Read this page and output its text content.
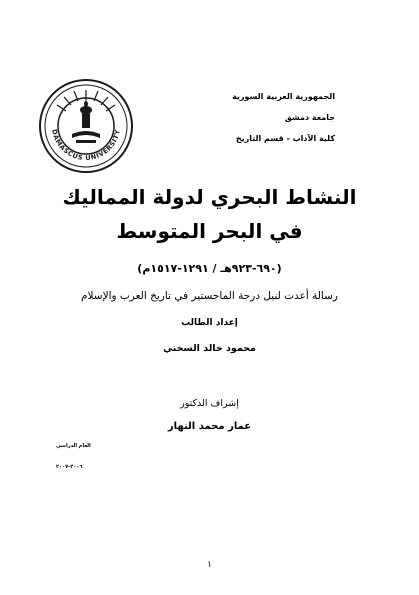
DAMASCUS UNIVERSITY
الجمهورية العربية السورية
جامعة دمشق
كلية الآداب - قسم التاريخ
النشاط البحري لدولة المماليك
في البحر المتوسط
(٦٩٠-٩٢٣هـ / ١٢٩١-١٥١٧م)
رسالة أعدت لنيل درجة الماجستير في تاريخ العرب والإسلام
إعداد الطالب
محمود خالد السخني
إشراف الدكتور
عمار محمد النهار
العام الدراسي
٢٠٠٦-٢٠٠٧
١
